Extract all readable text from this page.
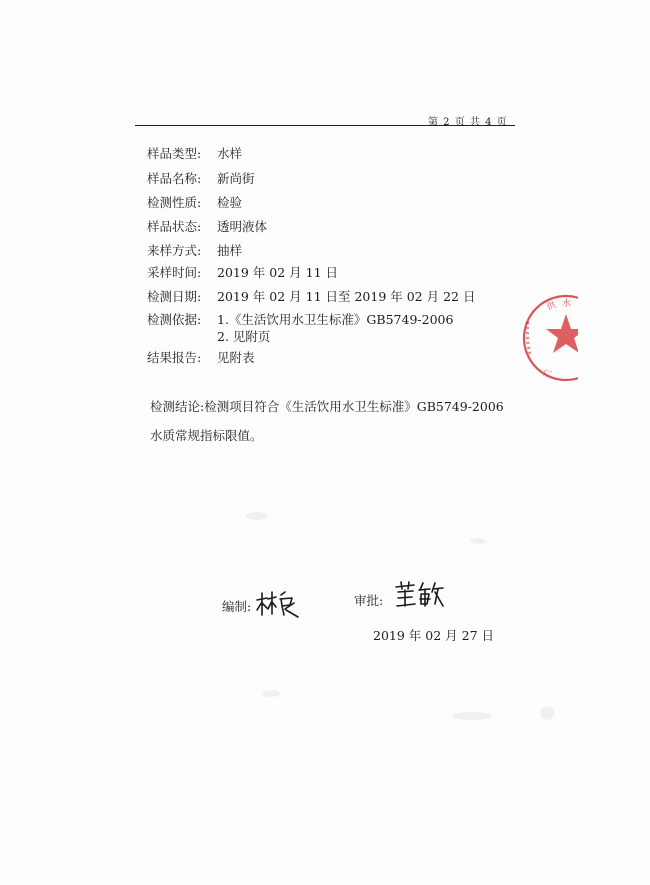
第 2 页 共 4 页
样品类型: 水样
样品名称: 新尚街
检测性质: 检验
样品状态: 透明液体
来样方式: 抽样
采样时间: 2019 年 02 月 11 日
检测日期: 2019 年 02 月 11 日至 2019 年 02 月 22 日
检测依据:	1.《生活饮用水卫生标准》GB5749-2006
2. 见附页
结果报告: 见附表
检测结论:检测项目符合《生活饮用水卫生标准》GB5749-2006
水质常规指标限值。
编制:	审批:
2019 年 02 月 27 日
供 水
厂
